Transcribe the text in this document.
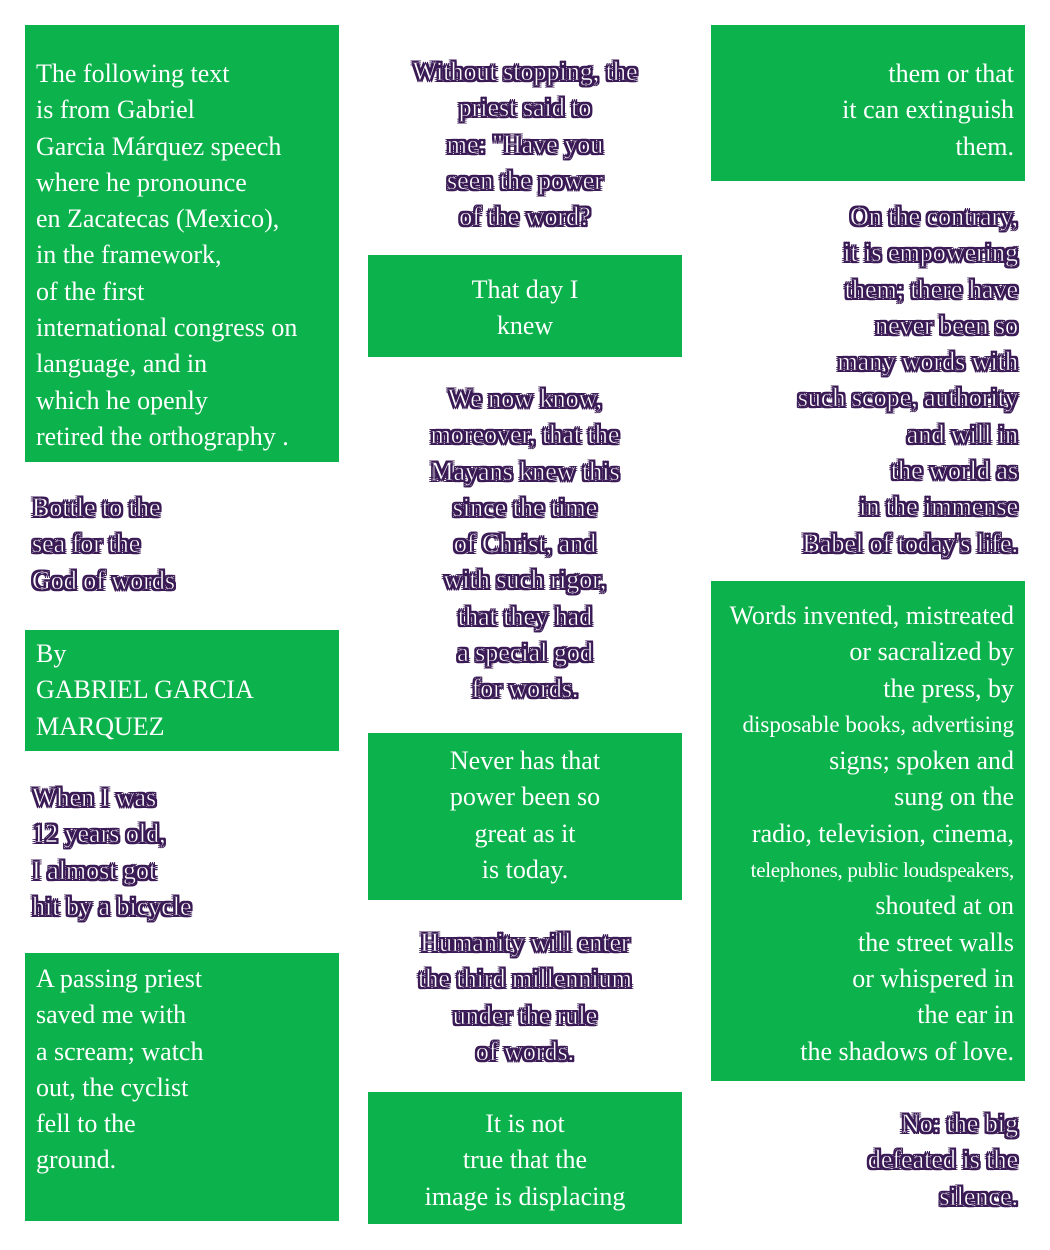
The following text
is from Gabriel
Garcia Márquez speech
where he pronounce
en Zacatecas (Mexico),
in the framework,
of the first
international congress on
language, and in
which he openly
retired the orthography .
Bottle to the
sea for the
God of words
By
GABRIEL GARCIA
MARQUEZ
When I was
12 years old,
I almost got
hit by a bicycle
A passing priest
saved me with
a scream; watch
out, the cyclist
fell to the
ground.
Without stopping, the
priest said to
me: "Have you
seen the power
of the word?
That day I
knew
We now know,
moreover, that the
Mayans knew this
since the time
of Christ, and
with such rigor,
that they had
a special god
for words.
Never has that
power been so
great as it
is today.
Humanity will enter
the third millennium
under the rule
of words.
It is not
true that the
image is displacing
them or that
it can extinguish
them.
On the contrary,
it is empowering
them; there have
never been so
many words with
such scope, authority
and will in
the world as
in the immense
Babel of today's life.
Words invented, mistreated
or sacralized by
the press, by
disposable books, advertising
signs; spoken and
sung on the
radio, television, cinema,
telephones, public loudspeakers,
shouted at on
the street walls
or whispered in
the ear in
the shadows of love.
No: the big
defeated is the
silence.
